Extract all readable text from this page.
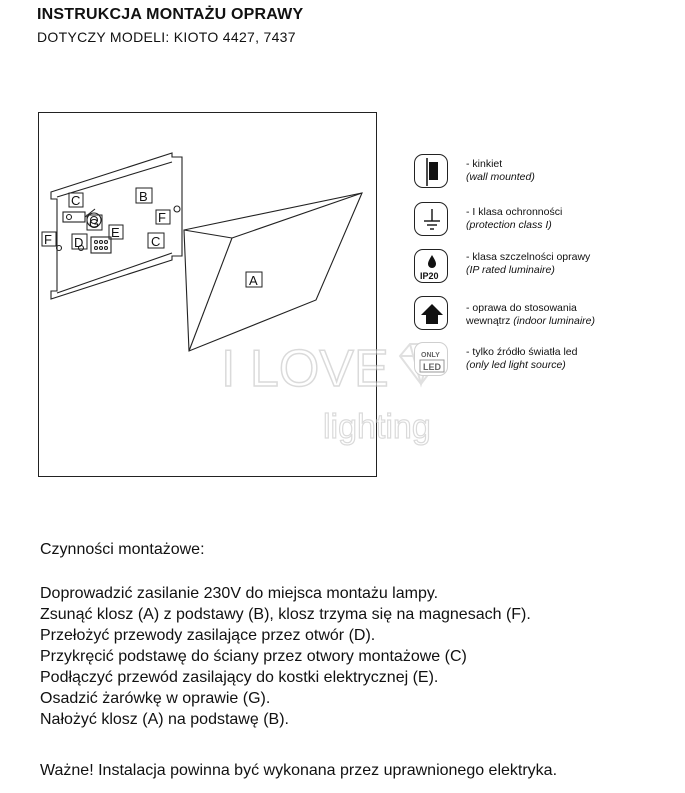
INSTRUKCJA MONTAŻU OPRAWY
DOTYCZY MODELI: KIOTO 4427, 7437
A
B
C
C
D
E
F
F
G
I LOVE
lighting
- kinkiet
(wall mounted)
- I klasa ochronności
(protection class I)
IP20
- klasa szczelności oprawy
(IP rated luminaire)
- oprawa do stosowania
wewnątrz (indoor luminaire)
ONLY
LED
- tylko źródło światła led
(only led light source)
Czynności montażowe:
Doprowadzić zasilanie 230V do miejsca montażu lampy.
Zsunąć klosz (A) z podstawy (B), klosz trzyma się na magnesach (F).
Przełożyć przewody zasilające przez otwór (D).
Przykręcić podstawę do ściany przez otwory montażowe (C)
Podłączyć przewód zasilający do kostki elektrycznej (E).
Osadzić żarówkę w oprawie (G).
Nałożyć klosz (A) na podstawę (B).
Ważne! Instalacja powinna być wykonana przez uprawnionego elektryka.
